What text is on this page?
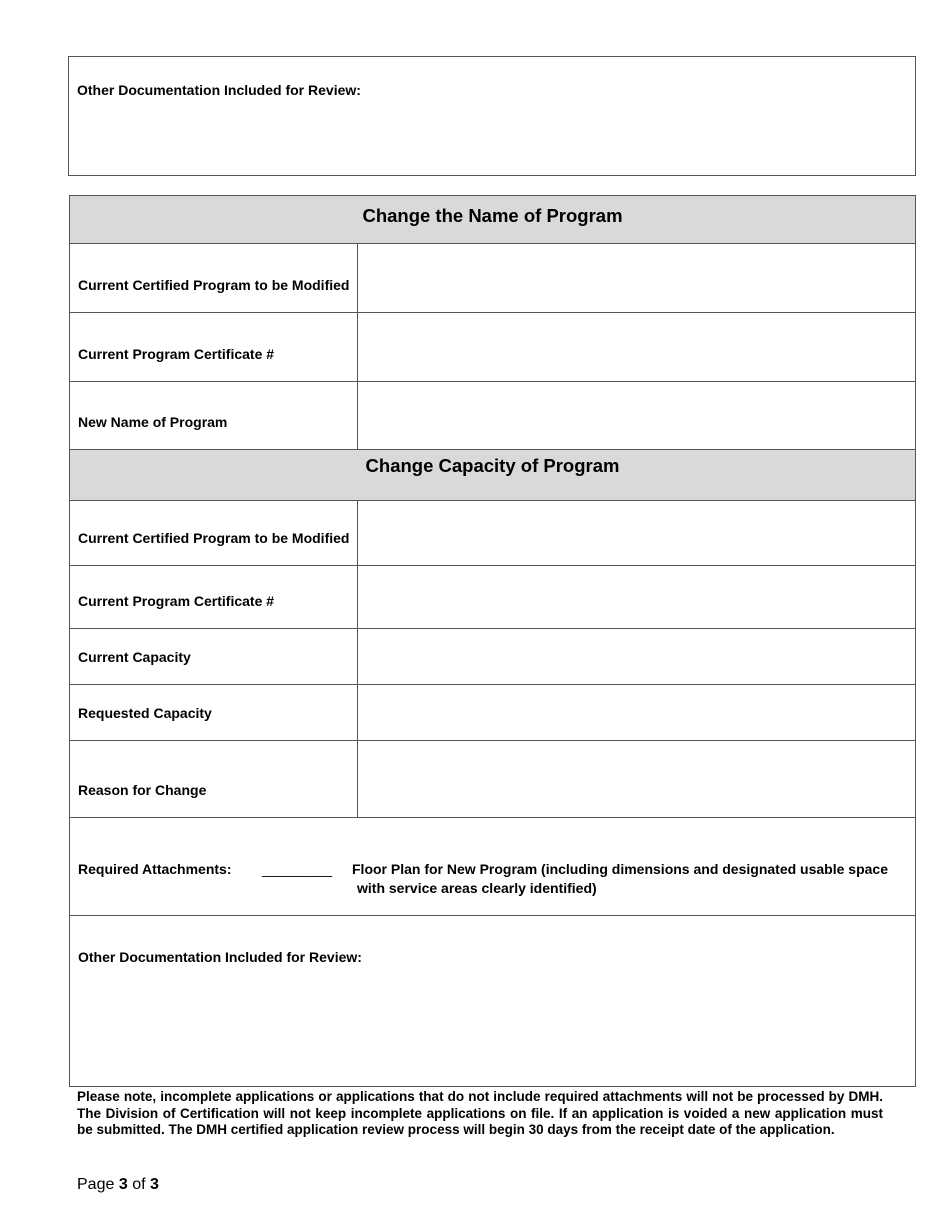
Other Documentation Included for Review:
Change the Name of Program
Current Certified Program to be Modified
Current Program Certificate #
New Name of Program
Change Capacity of Program
Current Certified Program to be Modified
Current Program Certificate #
Current Capacity
Requested Capacity
Reason for Change
Required Attachments: _________ Floor Plan for New Program (including dimensions and designated usable space
with service areas clearly identified)
Other Documentation Included for Review:
Please note, incomplete applications or applications that do not include required attachments will not be processed by DMH. The Division of Certification will not keep incomplete applications on file. If an application is voided a new application must be submitted. The DMH certified application review process will begin 30 days from the receipt date of the application.
Page 3 of 3
